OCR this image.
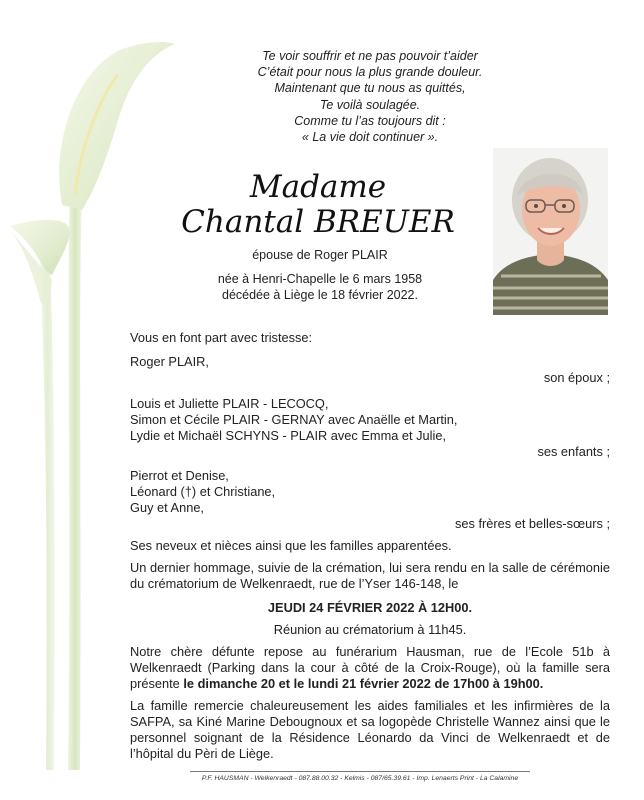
Te voir souffrir et ne pas pouvoir t’aider
C’était pour nous la plus grande douleur.
Maintenant que tu nous as quittés,
Te voilà soulagée.
Comme tu l’as toujours dit :
« La vie doit continuer ».
Madame
Chantal BREUER
épouse de Roger PLAIR
née à Henri-Chapelle le 6 mars 1958
décédée à Liège le 18 février 2022.

Vous en font part avec tristesse:

Roger PLAIR,

son époux ;

Louis et Juliette PLAIR - LECOCQ,

Simon et Cécile PLAIR - GERNAY avec Anaëlle et Martin,

Lydie et Michaël SCHYNS - PLAIR avec Emma et Julie,

ses enfants ;

Pierrot et Denise,

Léonard (†) et Christiane,

Guy et Anne,

ses frères et belles-sœurs ;

Ses neveux et nièces ainsi que les familles apparentées.

Un dernier hommage, suivie de la crémation, lui sera rendu en la salle de cérémonie du crématorium de Welkenraedt, rue de l’Yser 146-148, le

JEUDI 24 FÉVRIER 2022 À 12H00.

Réunion au crématorium à 11h45.

Notre chère défunte repose au funérarium Hausman, rue de l’Ecole 51b à Welkenraedt (Parking dans la cour à côté de la Croix-Rouge), où la famille sera présente le dimanche 20 et le lundi 21 février 2022 de 17h00 à 19h00.

La famille remercie chaleureusement les aides familiales et les infirmières de la SAFPA, sa Kiné Marine Debougnoux et sa logopède Christelle Wannez ainsi que le personnel soignant de la Résidence Léonardo da Vinci de Welkenraedt et de l’hôpital du Pèri de Liège.

P.F. HAUSMAN - Welkenraedt - 087.88.00.32 - Kelmis - 087/65.39.61 - Imp. Lenaerts Print - La Calamine
